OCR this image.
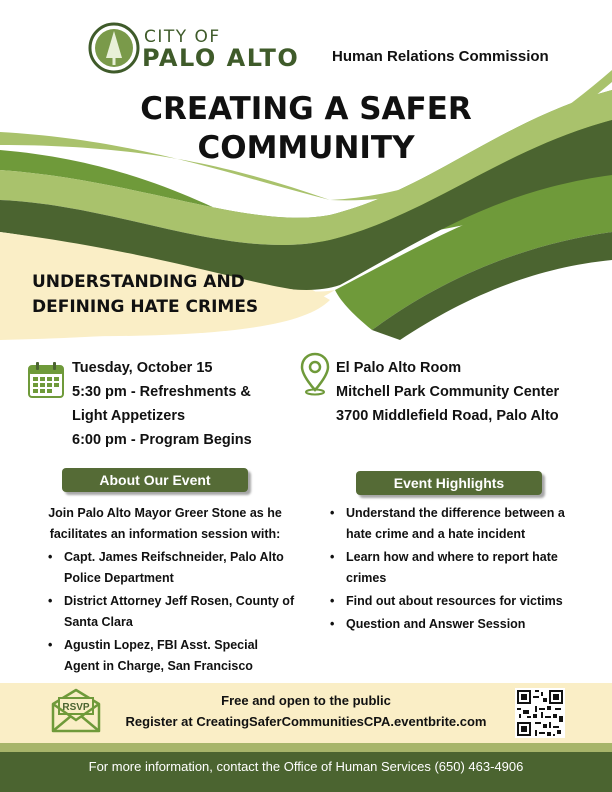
CITY OF
PALO ALTO Human Relations Commission
CREATING A SAFER
COMMUNITY
UNDERSTANDING AND
DEFINING HATE CRIMES
Tuesday, October 15
5:30 pm - Refreshments &
Light Appetizers
6:00 pm - Program Begins
El Palo Alto Room
Mitchell Park Community Center
3700 Middlefield Road, Palo Alto
About Our Event
Join Palo Alto Mayor Greer Stone as he
facilitates an information session with:
• Capt. James Reifschneider, Palo Alto Police Department
• District Attorney Jeff Rosen, County of Santa Clara
• Agustin Lopez, FBI Asst. Special Agent in Charge, San Francisco
Event Highlights
• Understand the difference between a hate crime and a hate incident
• Learn how and where to report hate crimes
• Find out about resources for victims
• Question and Answer Session
RSVP	Free and open to the public
Register at CreatingSaferCommunitiesCPA.eventbrite.com
For more information, contact the Office of Human Services (650) 463-4906
